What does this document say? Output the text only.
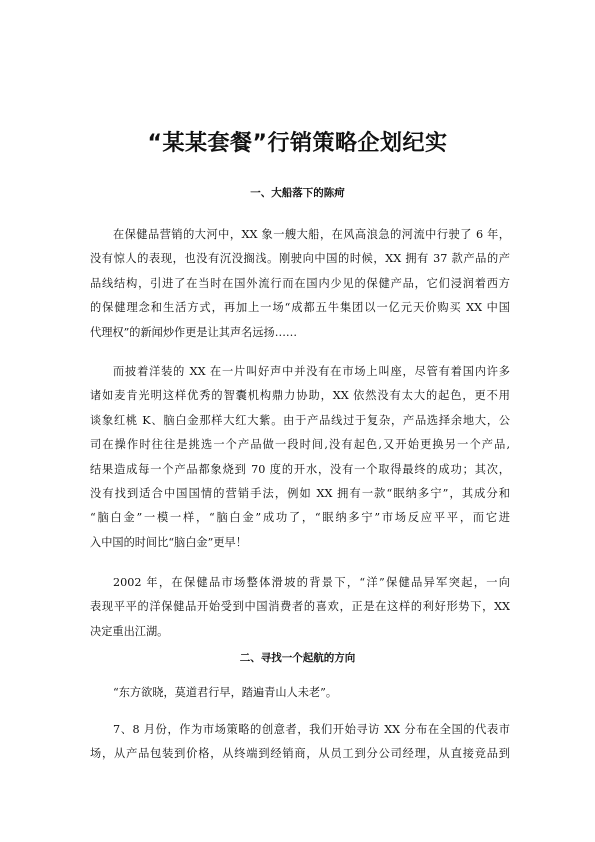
“某某套餐”行销策略企划纪实
一、大船落下的陈疴
在保健品营销的大河中，XX 象一艘大船，在风高浪急的河流中行驶了 6 年，
没有惊人的表现，也没有沉没搁浅。刚驶向中国的时候，XX 拥有 37 款产品的产
品线结构，引进了在当时在国外流行而在国内少见的保健产品，它们浸润着西方
的保健理念和生活方式，再加上一场“成都五牛集团以一亿元天价购买 XX 中国
代理权”的新闻炒作更是让其声名远扬……
而披着洋装的 XX 在一片叫好声中并没有在市场上叫座，尽管有着国内许多
诸如麦肯光明这样优秀的智囊机构鼎力协助，XX 依然没有太大的起色，更不用
谈象红桃 K、脑白金那样大红大紫。由于产品线过于复杂，产品选择余地大，公
司在操作时往往是挑选一个产品做一段时间,没有起色,又开始更换另一个产品,
结果造成每一个产品都象烧到 70 度的开水，没有一个取得最终的成功；其次，
没有找到适合中国国情的营销手法，例如 XX 拥有一款“眠纳多宁”，其成分和
“脑白金”一模一样，“脑白金”成功了，“眠纳多宁”市场反应平平，而它进
入中国的时间比“脑白金”更早！
2002 年，在保健品市场整体滑坡的背景下，“洋”保健品异军突起，一向
表现平平的洋保健品开始受到中国消费者的喜欢，正是在这样的利好形势下，XX
决定重出江湖。
二、寻找一个起航的方向
“东方欲晓，莫道君行早，踏遍青山人未老”。
7、8 月份，作为市场策略的创意者，我们开始寻访 XX 分布在全国的代表市
场，从产品包装到价格，从终端到经销商，从员工到分公司经理，从直接竞品到
